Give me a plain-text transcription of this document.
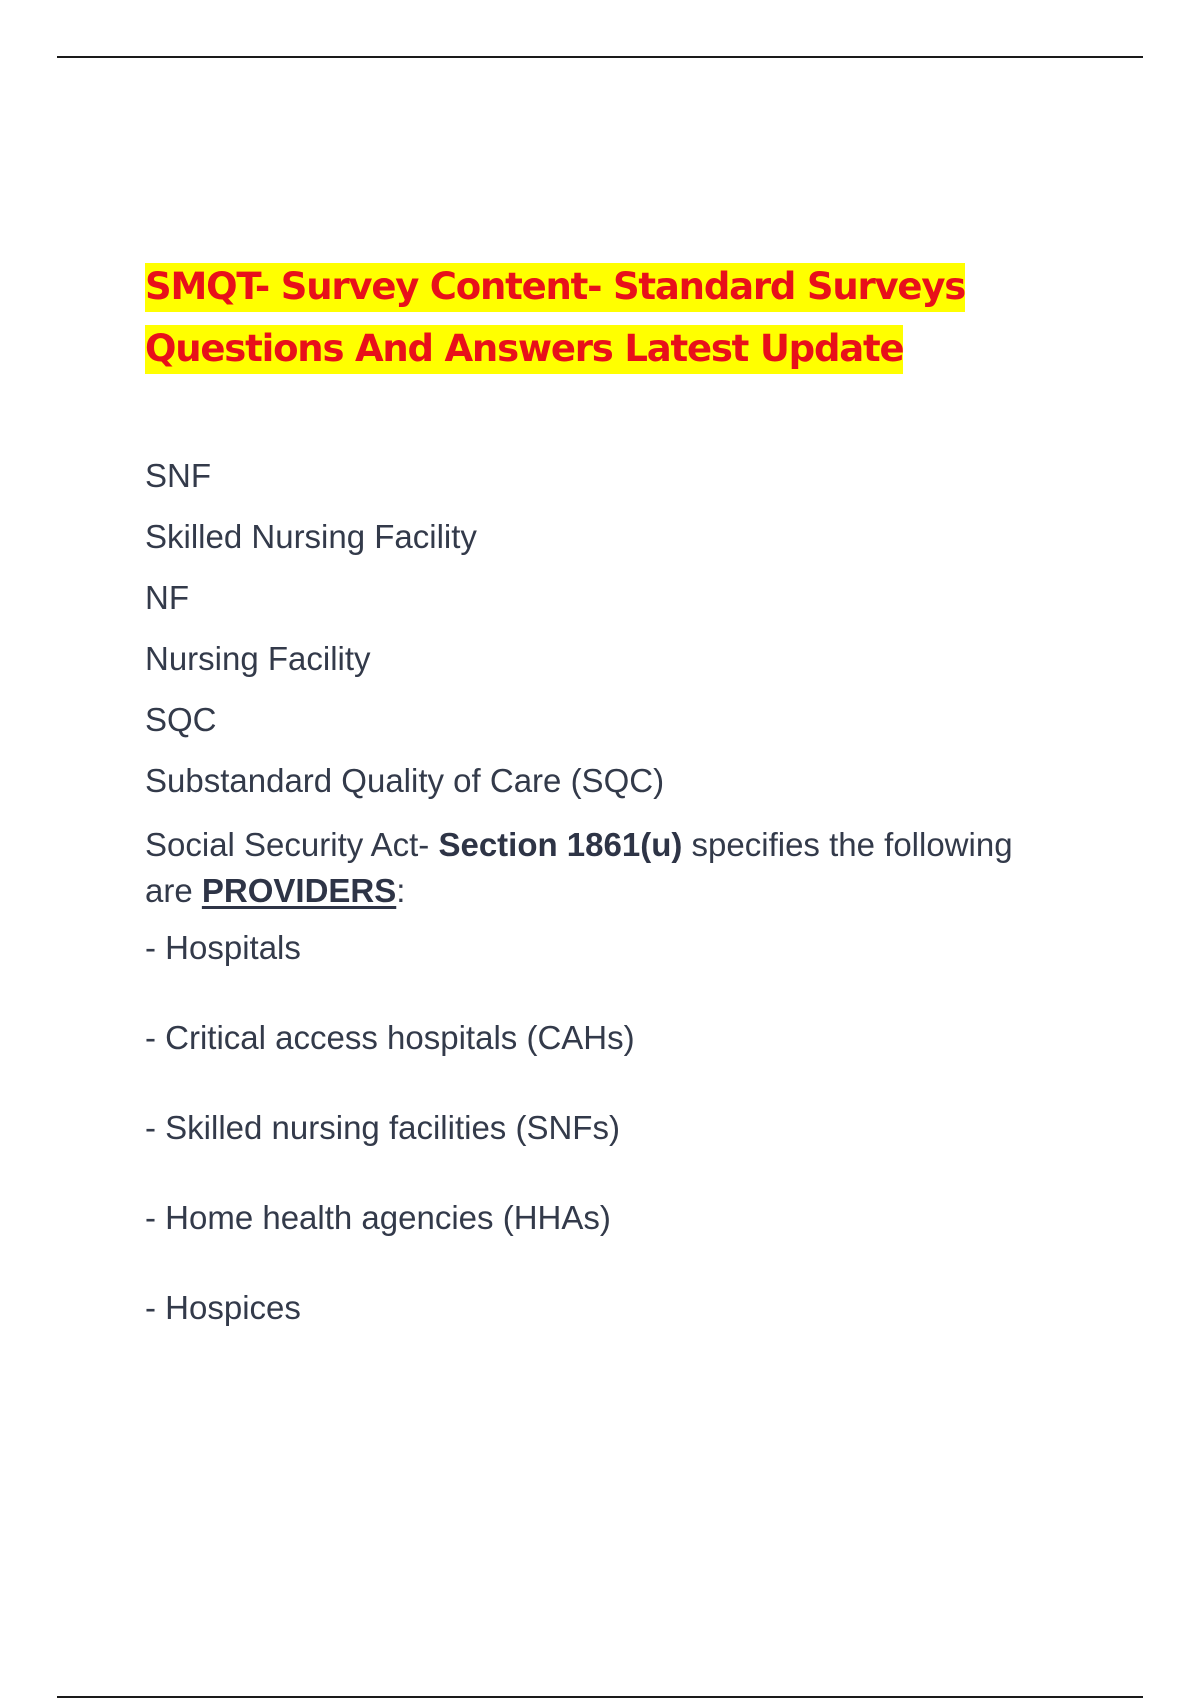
SMQT- Survey Content- Standard Surveys
Questions And Answers Latest Update
SNF
Skilled Nursing Facility
NF
Nursing Facility
SQC
Substandard Quality of Care (SQC)
Social Security Act- Section 1861(u) specifies the following are PROVIDERS:
- Hospitals
- Critical access hospitals (CAHs)
- Skilled nursing facilities (SNFs)
- Home health agencies (HHAs)
- Hospices
